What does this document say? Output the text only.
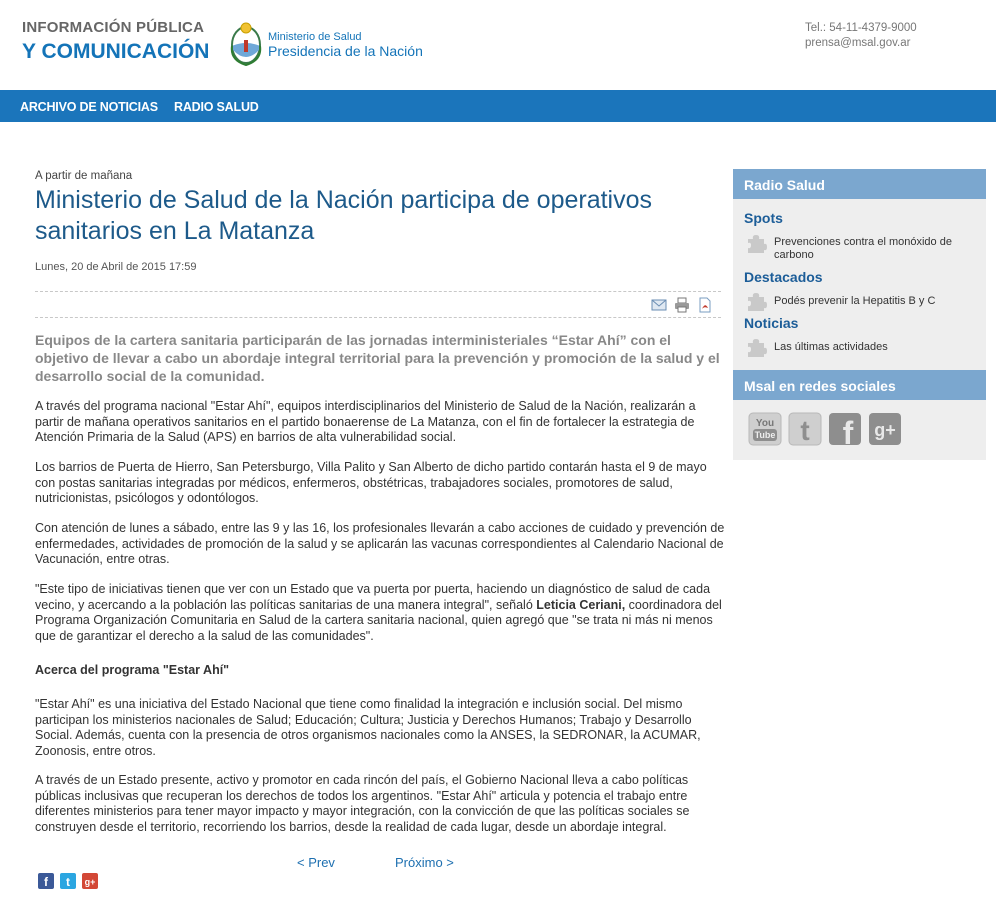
INFORMACIÓN PÚBLICA
Y COMUNICACIÓN
Ministerio de Salud
Presidencia de la Nación
Tel.: 54-11-4379-9000
prensa@msal.gov.ar
ARCHIVO DE NOTICIAS RADIO SALUD
A partir de mañana
Ministerio de Salud de la Nación participa de operativos sanitarios en La Matanza
Lunes, 20 de Abril de 2015 17:59

Equipos de la cartera sanitaria participarán de las jornadas interministeriales “Estar Ahí” con el objetivo de llevar a cabo un abordaje integral territorial para la prevención y promoción de la salud y el desarrollo social de la comunidad.

A través del programa nacional "Estar Ahí", equipos interdisciplinarios del Ministerio de Salud de la Nación, realizarán a partir de mañana operativos sanitarios en el partido bonaerense de La Matanza, con el fin de fortalecer la estrategia de Atención Primaria de la Salud (APS) en barrios de alta vulnerabilidad social.

Los barrios de Puerta de Hierro, San Petersburgo, Villa Palito y San Alberto de dicho partido contarán hasta el 9 de mayo con postas sanitarias integradas por médicos, enfermeros, obstétricas, trabajadores sociales, promotores de salud, nutricionistas, psicólogos y odontólogos.

Con atención de lunes a sábado, entre las 9 y las 16, los profesionales llevarán a cabo acciones de cuidado y prevención de enfermedades, actividades de promoción de la salud y se aplicarán las vacunas correspondientes al Calendario Nacional de Vacunación, entre otras.

"Este tipo de iniciativas tienen que ver con un Estado que va puerta por puerta, haciendo un diagnóstico de salud de cada vecino, y acercando a la población las políticas sanitarias de una manera integral", señaló Leticia Ceriani, coordinadora del Programa Organización Comunitaria en Salud de la cartera sanitaria nacional, quien agregó que "se trata ni más ni menos que de garantizar el derecho a la salud de las comunidades".

Acerca del programa "Estar Ahí"

"Estar Ahí" es una iniciativa del Estado Nacional que tiene como finalidad la integración e inclusión social. Del mismo participan los ministerios nacionales de Salud; Educación; Cultura; Justicia y Derechos Humanos; Trabajo y Desarrollo Social. Además, cuenta con la presencia de otros organismos nacionales como la ANSES, la SEDRONAR, la ACUMAR, Zoonosis, entre otros.

A través de un Estado presente, activo y promotor en cada rincón del país, el Gobierno Nacional lleva a cabo políticas públicas inclusivas que recuperan los derechos de todos los argentinos. "Estar Ahí" articula y potencia el trabajo entre diferentes ministerios para tener mayor impacto y mayor integración, con la convicción de que las políticas sociales se construyen desde el territorio, recorriendo los barrios, desde la realidad de cada lugar, desde un abordaje integral.

< Prev	Próximo >
f t g+
Radio Salud
Spots
Prevenciones contra el monóxido de carbono
Destacados
Podés prevenir la Hepatitis B y C
Noticias
Las últimas actividades
Msal en redes sociales
You
Tube t f g+
